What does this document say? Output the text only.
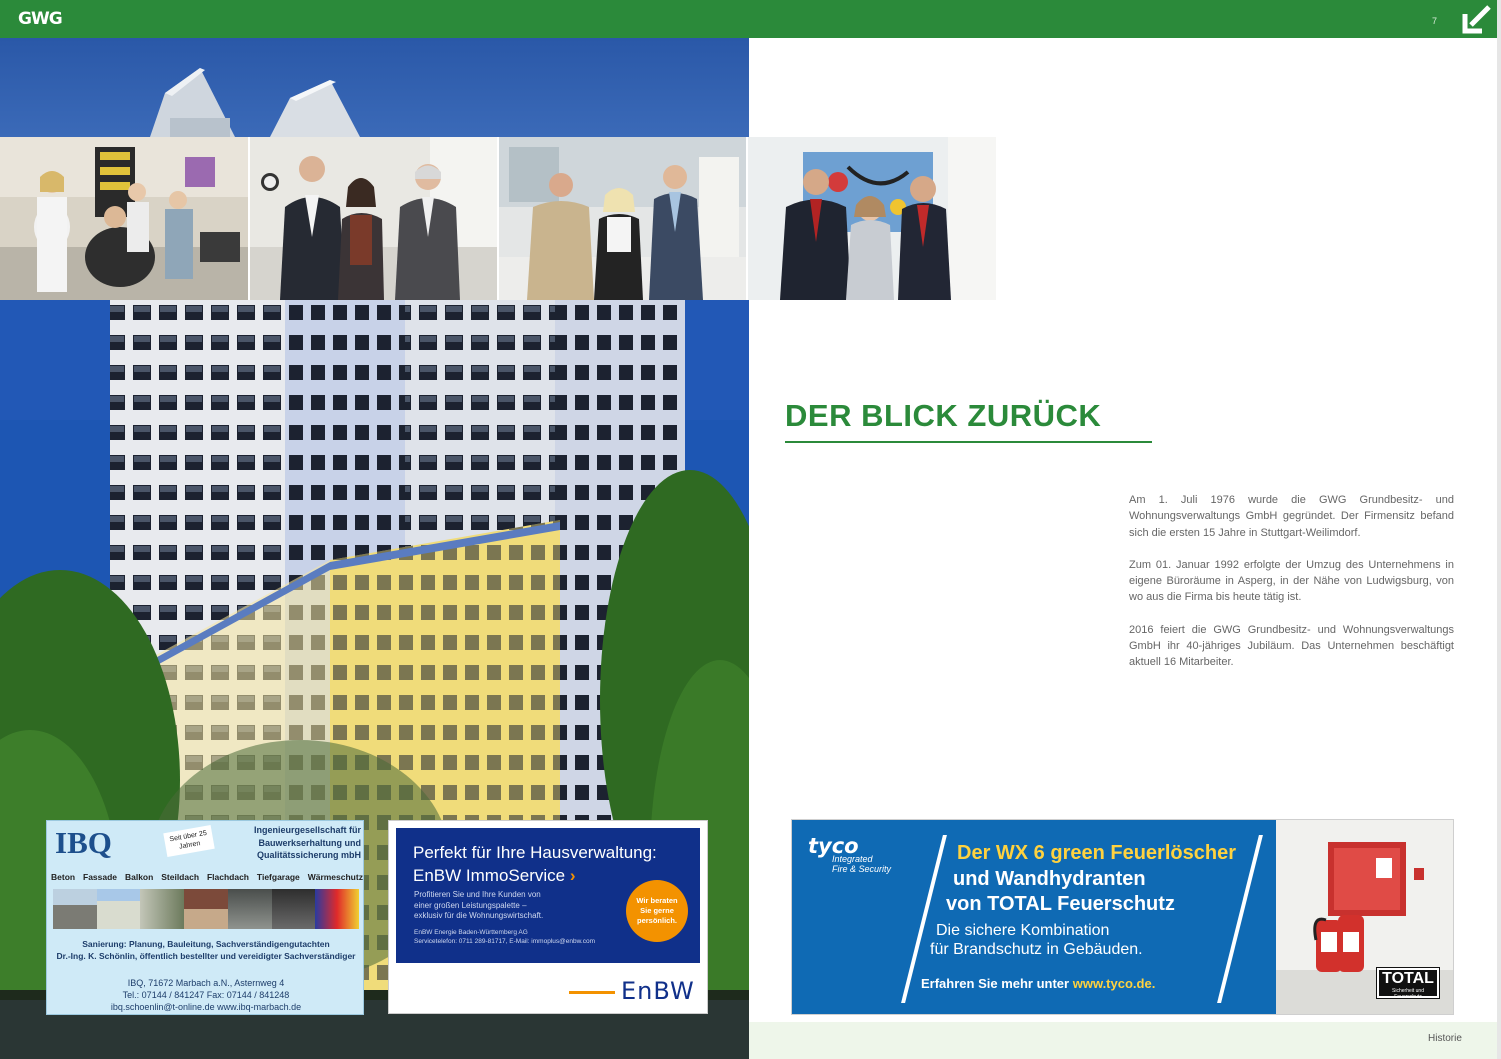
GWG	7
DER BLICK ZURÜCK

Am 1. Juli 1976 wurde die GWG Grundbesitz- und Wohnungsverwaltungs GmbH gegründet. Der Firmensitz befand sich die ersten 15 Jahre in Stuttgart-Weilimdorf.

Zum 01. Januar 1992 erfolgte der Umzug des Unternehmens in eigene Büroräume in Asperg, in der Nähe von Ludwigsburg, von wo aus die Firma bis heute tätig ist.

2016 feiert die GWG Grundbesitz- und Wohnungsverwaltungs GmbH ihr 40-jähriges Jubiläum. Das Unternehmen beschäftigt aktuell 16 Mitarbeiter.

IBQ	Seit über 25 Jahren
Ingenieurgesellschaft für
Bauwerkserhaltung und
Qualitätssicherung mbH
Beton Fassade Balkon Steildach Flachdach Tiefgarage Wärmeschutz
Sanierung: Planung, Bauleitung, Sachverständigengutachten
Dr.-Ing. K. Schönlin, öffentlich bestellter und vereidigter Sachverständiger
IBQ, 71672 Marbach a.N., Asternweg 4
Tel.: 07144 / 841247 Fax: 07144 / 841248
ibq.schoenlin@t-online.de www.ibq-marbach.de
Perfekt für Ihre Hausverwaltung:
EnBW ImmoService ›
Profitieren Sie und Ihre Kunden von
einer großen Leistungspalette –
exklusiv für die Wohnungswirtschaft.
Wir beraten
Sie gerne
persönlich.
EnBW Energie Baden-Württemberg AG
Servicetelefon: 0711 289-81717, E-Mail: immoplus@enbw.com
EnBW
tyco
Integrated
Fire & Security
Der WX 6 green Feuerlöscher
und Wandhydranten
von TOTAL Feuerschutz
Die sichere Kombination
für Brandschutz in Gebäuden.
Erfahren Sie mehr unter www.tyco.de.	TOTAL
Sicherheit und Feuerschutz
Historie
